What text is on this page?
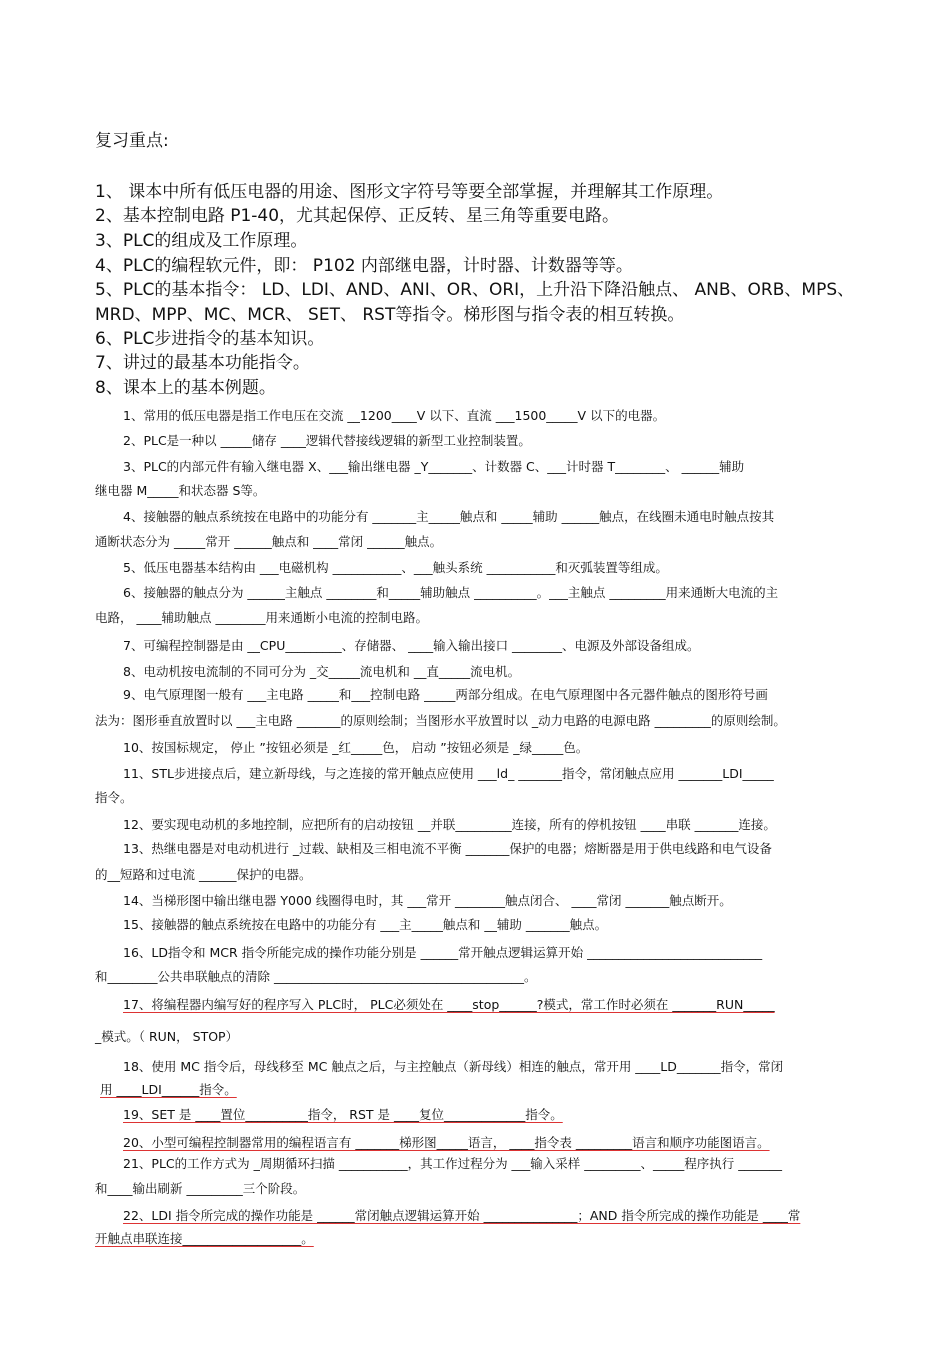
复习重点:
1、 课本中所有低压电器的用途、图形文字符号等要全部掌握，并理解其工作原理。
2、基本控制电路 P1-40，尤其起保停、正反转、星三角等重要电路。
3、PLC的组成及工作原理。
4、PLC的编程软元件，即： P102 内部继电器，计时器、计数器等等。
5、PLC的基本指令： LD、LDI、AND、ANI、OR、ORI，上升沿下降沿触点、 ANB、ORB、MPS、
MRD、MPP、MC、MCR、 SET、 RST等指令。梯形图与指令表的相互转换。
6、PLC步进指令的基本知识。
7、讲过的最基本功能指令。
8、课本上的基本例题。
1、常用的低压电器是指工作电压在交流 __1200____V 以下、直流 ___1500_____V 以下的电器。
2、PLC是一种以 _____储存 ____逻辑代替接线逻辑的新型工业控制装置。
3、PLC的内部元件有输入继电器 X、___输出继电器 _Y_______、计数器 C、___计时器 T________、 ______辅助
继电器 M_____和状态器 S等。
4、接触器的触点系统按在电路中的功能分有 _______主_____触点和 _____辅助 ______触点，在线圈未通电时触点按其
通断状态分为 _____常开 ______触点和 ____常闭 ______触点。
5、低压电器基本结构由 ___电磁机构 ___________、___触头系统 ___________和灭弧装置等组成。
6、接触器的触点分为 ______主触点 ________和_____辅助触点 __________。___主触点 _________用来通断大电流的主
电路， ____辅助触点 ________用来通断小电流的控制电路。
7、可编程控制器是由 __CPU_________、存储器、 ____输入输出接口 ________、电源及外部设备组成。
8、电动机按电流制的不同可分为 _交_____流电机和 __直_____流电机。
9、电气原理图一般有 ___主电路 _____和___控制电路 _____两部分组成。在电气原理图中各元器件触点的图形符号画
法为：图形垂直放置时以 ___主电路 _______的原则绘制；当图形水平放置时以 _动力电路的电源电路 _________的原则绘制。
10、按国标规定， 停止 ”按钮必须是 _红_____色， 启动 ”按钮必须是 _绿_____色。
11、STL步进接点后，建立新母线，与之连接的常开触点应使用 ___ld_ _______指令，常闭触点应用 _______LDI_____
指令。
12、要实现电动机的多地控制，应把所有的启动按钮 __并联_________连接，所有的停机按钮 ____串联 _______连接。
13、热继电器是对电动机进行 _过载、缺相及三相电流不平衡 _______保护的电器；熔断器是用于供电线路和电气设备
的__短路和过电流 ______保护的电器。
14、当梯形图中输出继电器 Y000 线圈得电时，其 ___常开 ________触点闭合、 ____常闭 _______触点断开。
15、接触器的触点系统按在电路中的功能分有 ___主_____触点和 __辅助 _______触点。
16、LD指令和 MCR 指令所能完成的操作功能分别是 ______常开触点逻辑运算开始 ____________________________
和________公共串联触点的清除 ________________________________________。
17、将编程器内编写好的程序写入 PLC时， PLC必须处在 ____stop______?模式，常工作时必须在 _______RUN_____
_模式。（ RUN， STOP）
18、使用 MC 指令后，母线移至 MC 触点之后，与主控触点（新母线）相连的触点，常开用 ____LD_______指令，常闭
用 ____LDI______指令。
19、SET 是 ____置位__________指令， RST 是 ____复位_____________指令。
20、小型可编程控制器常用的编程语言有 _______梯形图_____语言， ____指令表 _________语言和顺序功能图语言。
21、PLC的工作方式为 _周期循环扫描 ___________，其工作过程分为 ___输入采样 _________、_____程序执行 _______
和____输出刷新 _________三个阶段。
22、LDI 指令所完成的操作功能是 ______常闭触点逻辑运算开始 _______________；AND 指令所完成的操作功能是 ____常
开触点串联连接___________________。
